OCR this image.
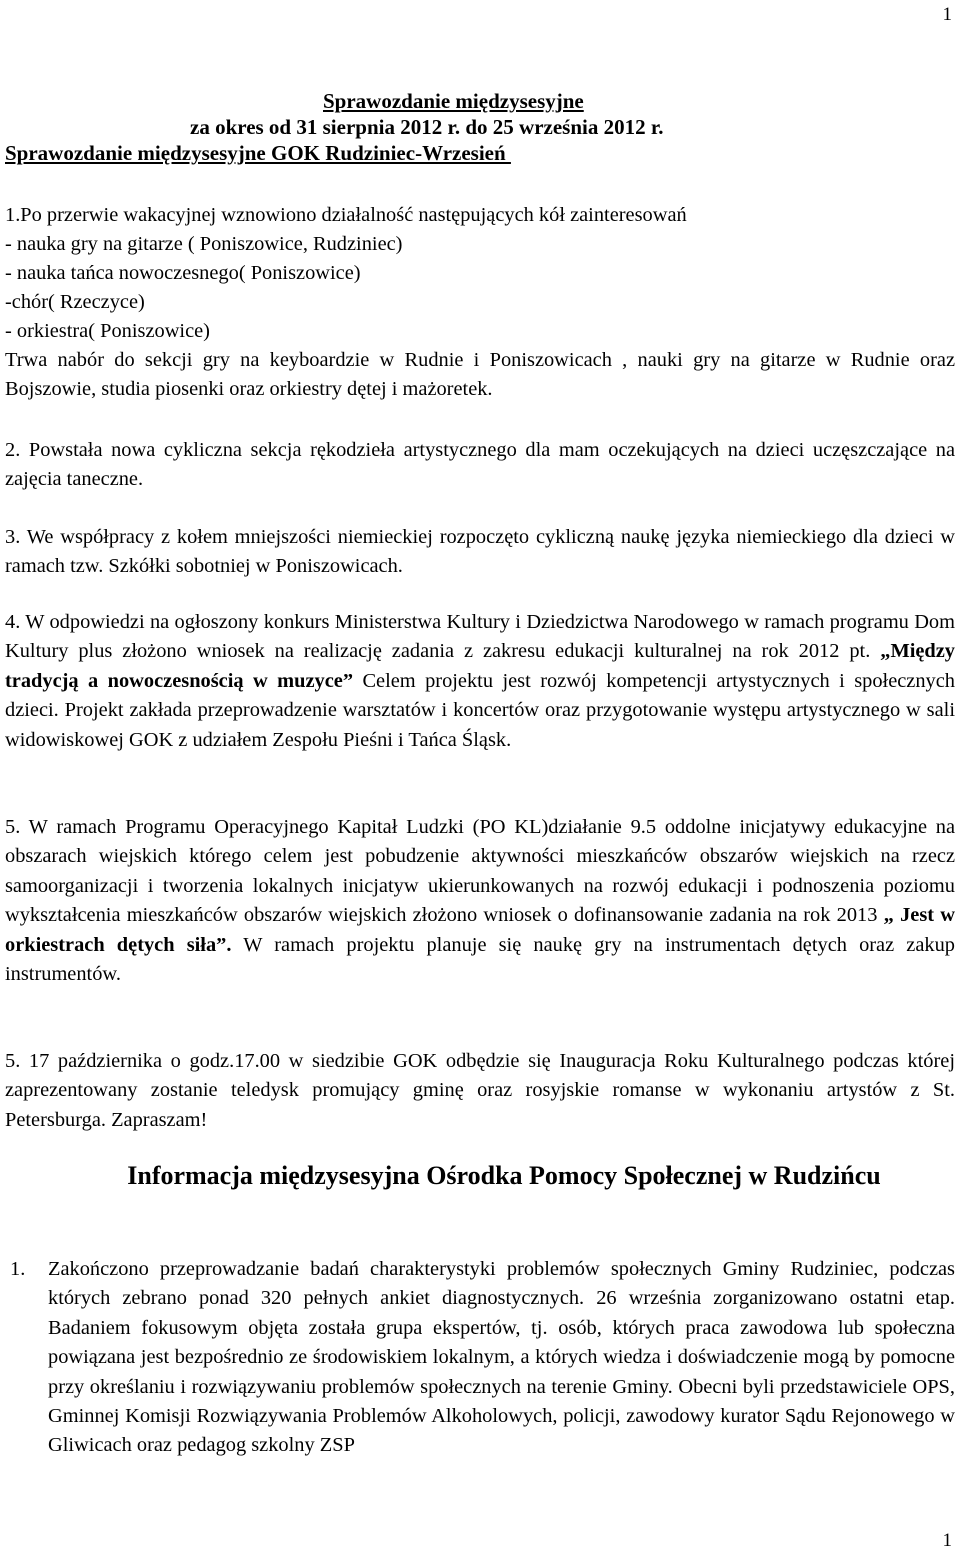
1
Sprawozdanie międzysesyjne
za okres od 31 sierpnia 2012 r. do 25 września 2012 r.
Sprawozdanie międzysesyjne GOK Rudziniec-Wrzesień
1.Po przerwie wakacyjnej wznowiono działalność następujących kół zainteresowań
- nauka gry na gitarze ( Poniszowice, Rudziniec)
- nauka tańca nowoczesnego( Poniszowice)
-chór( Rzeczyce)
- orkiestra( Poniszowice)

Trwa nabór do sekcji gry na keyboardzie w Rudnie i Poniszowicach , nauki gry na gitarze w Rudnie oraz Bojszowie, studia piosenki oraz orkiestry dętej i mażoretek.

2. Powstała nowa cykliczna sekcja rękodzieła artystycznego dla mam oczekujących na dzieci uczęszczające na zajęcia taneczne.

3. We współpracy z kołem mniejszości niemieckiej rozpoczęto cykliczną naukę języka niemieckiego dla dzieci w ramach tzw. Szkółki sobotniej w Poniszowicach.

4. W odpowiedzi na ogłoszony konkurs Ministerstwa Kultury i Dziedzictwa Narodowego w ramach programu Dom Kultury plus złożono wniosek na realizację zadania z zakresu edukacji kulturalnej na rok 2012 pt. „Między tradycją a nowoczesnością w muzyce” Celem projektu jest rozwój kompetencji artystycznych i społecznych dzieci. Projekt zakłada przeprowadzenie warsztatów i koncertów oraz przygotowanie występu artystycznego w sali widowiskowej GOK z udziałem Zespołu Pieśni i Tańca Śląsk.

5. W ramach Programu Operacyjnego Kapitał Ludzki (PO KL)działanie 9.5 oddolne inicjatywy edukacyjne na obszarach wiejskich którego celem jest pobudzenie aktywności mieszkańców obszarów wiejskich na rzecz samoorganizacji i tworzenia lokalnych inicjatyw ukierunkowanych na rozwój edukacji i podnoszenia poziomu wykształcenia mieszkańców obszarów wiejskich złożono wniosek o dofinansowanie zadania na rok 2013 „ Jest w orkiestrach dętych siła”. W ramach projektu planuje się naukę gry na instrumentach dętych oraz zakup instrumentów.

5. 17 października o godz.17.00 w siedzibie GOK odbędzie się Inauguracja Roku Kulturalnego podczas której zaprezentowany zostanie teledysk promujący gminę oraz rosyjskie romanse w wykonaniu artystów z St. Petersburga. Zapraszam!

Informacja międzysesyjna Ośrodka Pomocy Społecznej w Rudzińcu
1. Zakończono przeprowadzanie badań charakterystyki problemów społecznych Gminy Rudziniec, podczas których zebrano ponad 320 pełnych ankiet diagnostycznych. 26 września zorganizowano ostatni etap. Badaniem fokusowym objęta została grupa ekspertów, tj. osób, których praca zawodowa lub społeczna powiązana jest bezpośrednio ze środowiskiem lokalnym, a których wiedza i doświadczenie mogą by pomocne przy określaniu i rozwiązywaniu problemów społecznych na terenie Gminy. Obecni byli przedstawiciele OPS, Gminnej Komisji Rozwiązywania Problemów Alkoholowych, policji, zawodowy kurator Sądu Rejonowego w Gliwicach oraz pedagog szkolny ZSP

1
